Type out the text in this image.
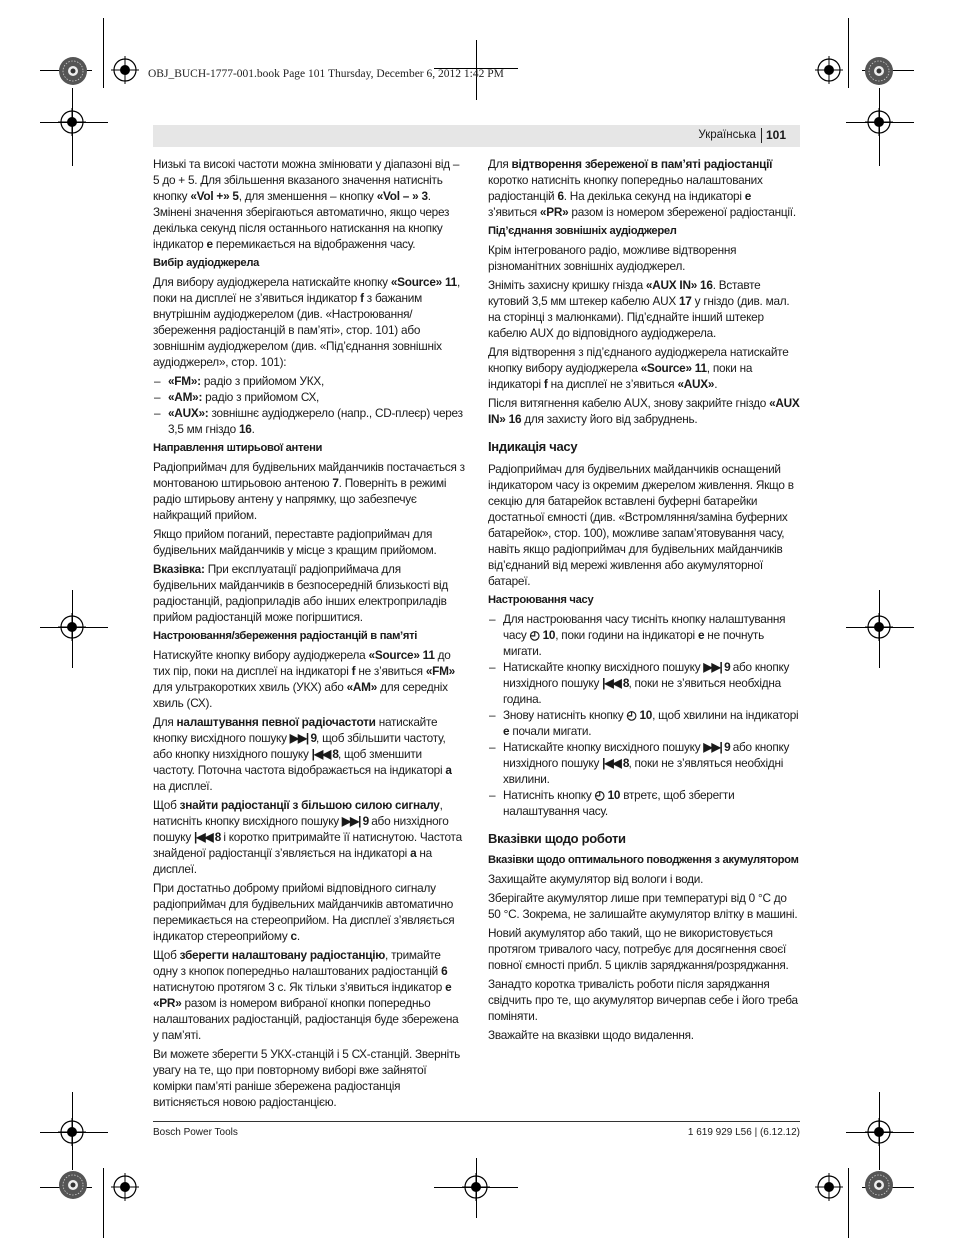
OBJ_BUCH-1777-001.book Page 101 Thursday, December 6, 2012 1:42 PM
Українська 101

Низькі та високі частоти можна змінювати у діапазоні від – 5 до + 5. Для збільшення вказаного значення натисніть кнопку «Vol +» 5, для зменшення – кнопку «Vol – » 3. Змінені значення зберігаються автоматично, якщо через декілька секунд після останнього натискання на кнопку індикатор e перемикається на відображення часу.

Вибір аудіоджерела

Для вибору аудіоджерела натискайте кнопку «Source» 11, поки на дисплеї не з’явиться індикатор f з бажаним внутрішнім аудіоджерелом (див. «Настроювання/збереження радіостанцій в пам’яті», стор. 101) або зовнішнім аудіоджерелом (див. «Під’єднання зовнішніх аудіоджерел», стор. 101):

– «FM»: радіо з прийомом УКХ,
– «AM»: радіо з прийомом СХ,
– «AUX»: зовнішнє аудіоджерело (напр., CD-плеєр) через 3,5 мм гніздо 16.
Направлення штирьової антени

Радіоприймач для будівельних майданчиків постачається з монтованою штирьовою антеною 7. Поверніть в режимі радіо штирьову антену у напрямку, що забезпечує найкращий прийом.

Якщо прийом поганий, переставте радіоприймач для будівельних майданчиків у місце з кращим прийомом.

Вказівка: При експлуатації радіоприймача для будівельних майданчиків в безпосередній близькості від радіостанцій, радіоприладів або інших електроприладів прийом радіостанцій може погіршитися.

Настроювання/збереження радіостанцій в пам’яті

Натискуйте кнопку вибору аудіоджерела «Source» 11 до тих пір, поки на дисплеї на індикаторі f не з’явиться «FM» для ультракоротких хвиль (УКХ) або «AM» для середніх хвиль (СХ).

Для налаштування певної радіочастоти натискайте кнопку висхідного пошуку ▶▶| 9, щоб збільшити частоту, або кнопку низхідного пошуку |◀◀ 8, щоб зменшити частоту. Поточна частота відображається на індикаторі a на дисплеї.

Щоб знайти радіостанції з більшою силою сигналу, натисніть кнопку висхідного пошуку ▶▶| 9 або низхідного пошуку |◀◀ 8 і коротко притримайте її натиснутою. Частота знайденої радіостанції з’являється на індикаторі a на дисплеї.

При достатньо доброму прийомі відповідного сигналу радіоприймач для будівельних майданчиків автоматично перемикається на стереоприйом. На дисплеї з’являється індикатор стереоприйому c.

Щоб зберегти налаштовану радіостанцію, тримайте одну з кнопок попередньо налаштованих радіостанцій 6 натиснутою протягом 3 с. Як тільки з’явиться індикатор e «PR» разом із номером вибраної кнопки попередньо налаштованих радіостанцій, радіостанція буде збережена у пам’яті.

Ви можете зберегти 5 УКХ-станцій і 5 СХ-станцій. Зверніть увагу на те, що при повторному виборі вже зайнятої комірки пам’яті раніше збережена радіостанція витісняється новою радіостанцією.

Для відтворення збереженої в пам’яті радіостанції коротко натисніть кнопку попередньо налаштованих радіостанцій 6. На декілька секунд на індикаторі e з’явиться «PR» разом із номером збереженої радіостанції.

Під’єднання зовнішніх аудіоджерел

Крім інтегрованого радіо, можливе відтворення різноманітних зовнішніх аудіоджерел.

Зніміть захисну кришку гнізда «AUX IN» 16. Вставте кутовий 3,5 мм штекер кабелю AUX 17 у гніздо (див. мал. на сторінці з малюнками). Під’єднайте інший штекер кабелю AUX до відповідного аудіоджерела.

Для відтворення з під’єднаного аудіоджерела натискайте кнопку вибору аудіоджерела «Source» 11, поки на індикаторі f на дисплеї не з’явиться «AUX».

Після витягнення кабелю AUX, знову закрийте гніздо «AUX IN» 16 для захисту його від забруднень.

Індикація часу

Радіоприймач для будівельних майданчиків оснащений індикатором часу із окремим джерелом живлення. Якщо в секцію для батарейок вставлені буферні батарейки достатньої ємності (див. «Встромляння/заміна буферних батарейок», стор. 100), можливе запам’ятовування часу, навіть якщо радіоприймач для будівельних майданчиків від’єднаний від мережі живлення або акумуляторної батареї.

Настроювання часу
– Для настроювання часу тисніть кнопку налаштування часу ◴ 10, поки години на індикаторі e не почнуть мигати.
– Натискайте кнопку висхідного пошуку ▶▶| 9 або кнопку низхідного пошуку |◀◀ 8, поки не з’явиться необхідна година.
– Знову натисніть кнопку ◴ 10, щоб хвилини на індикаторі e почали мигати.
– Натискайте кнопку висхідного пошуку ▶▶| 9 або кнопку низхідного пошуку |◀◀ 8, поки не з’являться необхідні хвилини.
– Натисніть кнопку ◴ 10 втретє, щоб зберегти налаштування часу.
Вказівки щодо роботи
Вказівки щодо оптимального поводження з акумулятором

Захищайте акумулятор від вологи і води.

Зберігайте акумулятор лише при температурі від 0 °C до 50 °C. Зокрема, не залишайте акумулятор влітку в машині.

Новий акумулятор або такий, що не використовується протягом тривалого часу, потребує для досягнення своєї повної ємності прибл. 5 циклів заряджання/розряджання.

Занадто коротка тривалість роботи після заряджання свідчить про те, що акумулятор вичерпав себе і його треба поміняти.

Зважайте на вказівки щодо видалення.

Bosch Power Tools	1 619 929 L56 | (6.12.12)
